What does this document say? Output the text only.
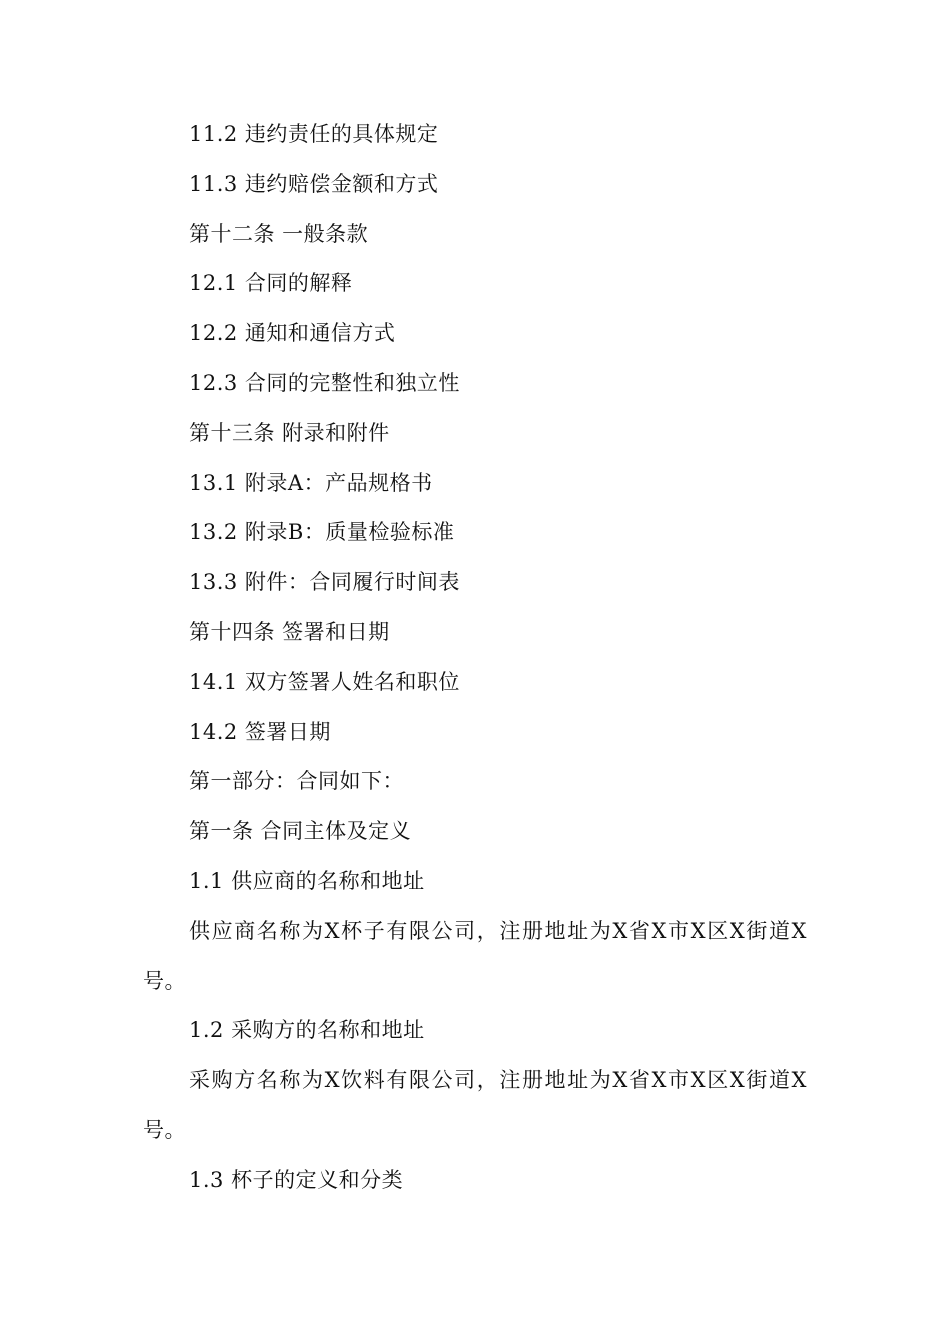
11.2 违约责任的具体规定
11.3 违约赔偿金额和方式
第十二条 一般条款
12.1 合同的解释
12.2 通知和通信方式
12.3 合同的完整性和独立性
第十三条 附录和附件
13.1 附录A：产品规格书
13.2 附录B：质量检验标准
13.3 附件：合同履行时间表
第十四条 签署和日期
14.1 双方签署人姓名和职位
14.2 签署日期
第一部分：合同如下：
第一条 合同主体及定义
1.1 供应商的名称和地址
供应商名称为X杯子有限公司，注册地址为X省X市X区X街道X号。
1.2 采购方的名称和地址
采购方名称为X饮料有限公司，注册地址为X省X市X区X街道X号。
1.3 杯子的定义和分类
